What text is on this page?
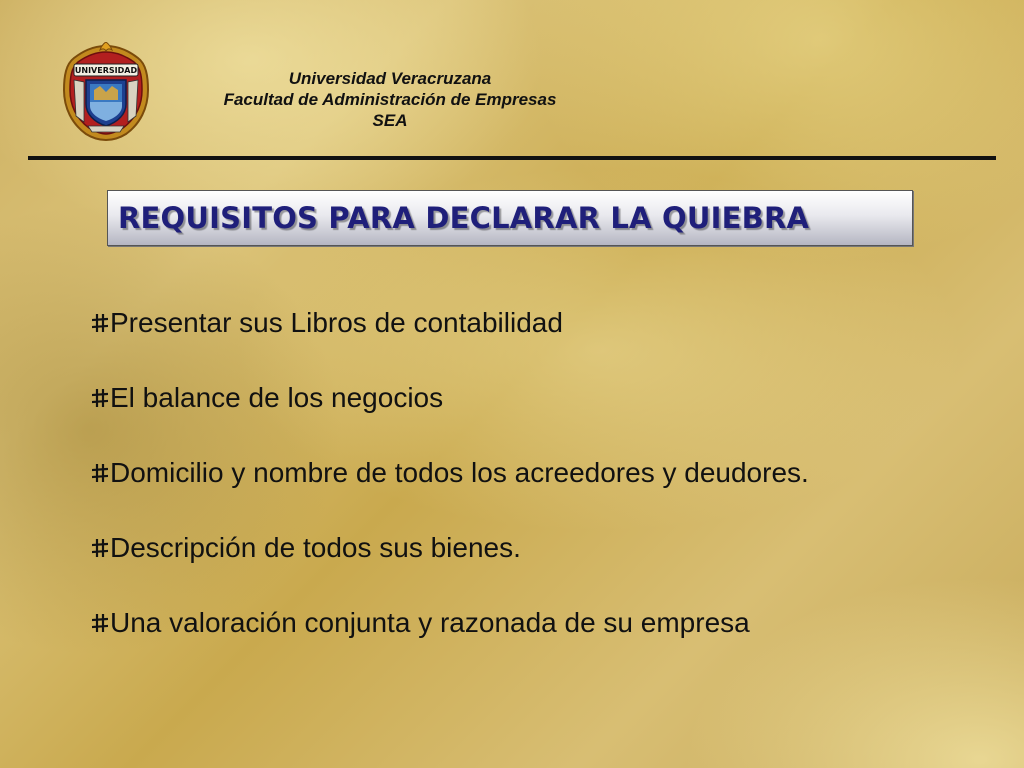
UNIVERSIDAD	Universidad Veracruzana
Facultad de Administración de Empresas
SEA
REQUISITOS PARA DECLARAR LA QUIEBRA
Presentar sus Libros de contabilidad
El balance de los negocios
Domicilio y nombre de todos los acreedores y deudores.
Descripción de todos sus bienes.
Una valoración conjunta y razonada de su empresa
